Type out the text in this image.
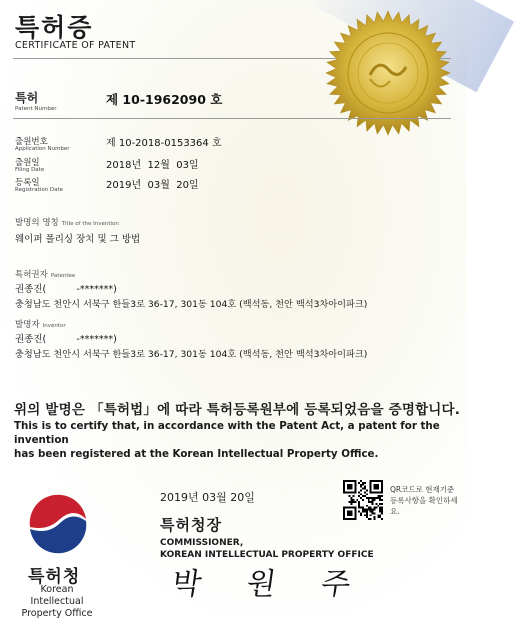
특허증
CERTIFICATE OF PATENT
특허
Patent Number
제 10-1962090 호
출원번호
Application Number	제 10-2018-0153364 호
출원일
Filing Date	2018년  12월  03일
등록일
Registration Date	2019년  03월  20일
발명의 명칭 Title of the Invention
웨이퍼 폴리싱 장치 및 그 방법
특허권자 Patentee
권종진(          -*******)
충청남도 천안시 서북구 한들3로 36-17, 301동 104호 (백석동, 천안 백석3차아이파크)
발명자 Inventor
권종진(          -*******)
충청남도 천안시 서북구 한들3로 36-17, 301동 104호 (백석동, 천안 백석3차아이파크)
위의 발명은 「특허법」에 따라 특허등록원부에 등록되었음을 증명합니다.
This is to certify that, in accordance with the Patent Act, a patent for the invention
has been registered at the Korean Intellectual Property Office.
특허청
Korean Intellectual
Property Office
2019년 03월 20일
특허청장
COMMISSIONER,
KOREAN INTELLECTUAL PROPERTY OFFICE
박 원 주
QR코드로 현재기준
등록사항을 확인하세요.
